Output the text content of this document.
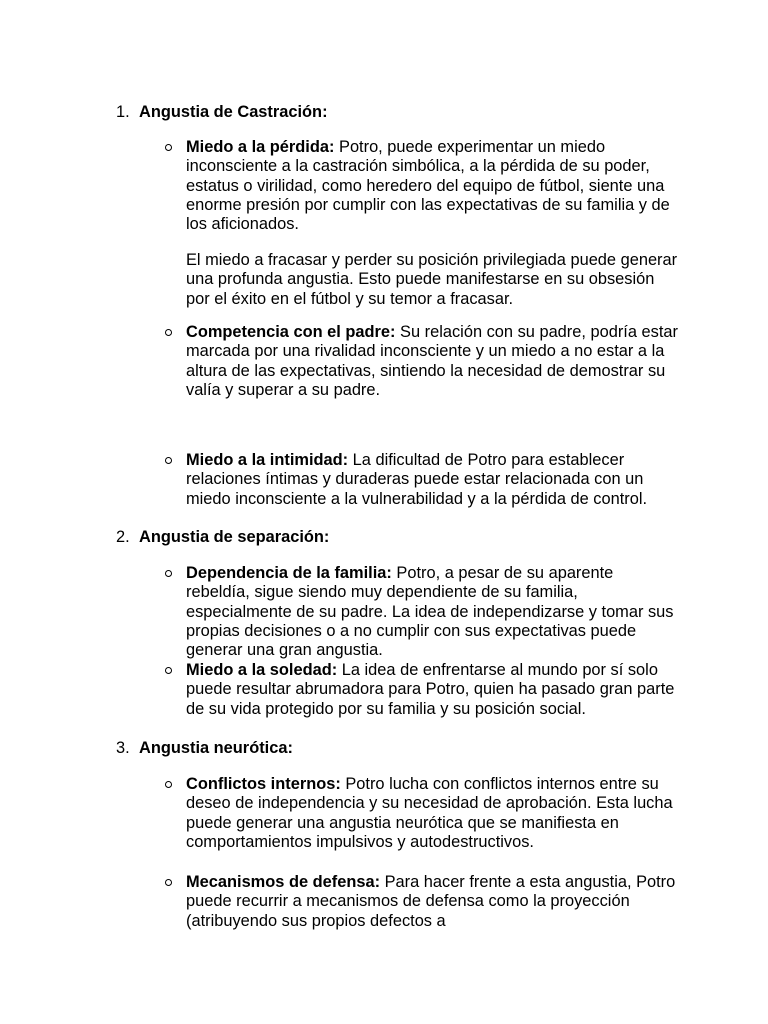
1. Angustia de Castración:
Miedo a la pérdida: Potro, puede experimentar un miedo inconsciente a la castración simbólica, a la pérdida de su poder, estatus o virilidad, como heredero del equipo de fútbol, siente una enorme presión por cumplir con las expectativas de su familia y de los aficionados.
El miedo a fracasar y perder su posición privilegiada puede generar una profunda angustia. Esto puede manifestarse en su obsesión por el éxito en el fútbol y su temor a fracasar.
Competencia con el padre: Su relación con su padre, podría estar marcada por una rivalidad inconsciente y un miedo a no estar a la altura de las expectativas, sintiendo la necesidad de demostrar su valía y superar a su padre.
Miedo a la intimidad: La dificultad de Potro para establecer relaciones íntimas y duraderas puede estar relacionada con un miedo inconsciente a la vulnerabilidad y a la pérdida de control.
2. Angustia de separación:
Dependencia de la familia: Potro, a pesar de su aparente rebeldía, sigue siendo muy dependiente de su familia, especialmente de su padre. La idea de independizarse y tomar sus propias decisiones o a no cumplir con sus expectativas puede generar una gran angustia.
Miedo a la soledad: La idea de enfrentarse al mundo por sí solo puede resultar abrumadora para Potro, quien ha pasado gran parte de su vida protegido por su familia y su posición social.
3. Angustia neurótica:
Conflictos internos: Potro lucha con conflictos internos entre su deseo de independencia y su necesidad de aprobación. Esta lucha puede generar una angustia neurótica que se manifiesta en comportamientos impulsivos y autodestructivos.
Mecanismos de defensa: Para hacer frente a esta angustia, Potro puede recurrir a mecanismos de defensa como la proyección (atribuyendo sus propios defectos a
